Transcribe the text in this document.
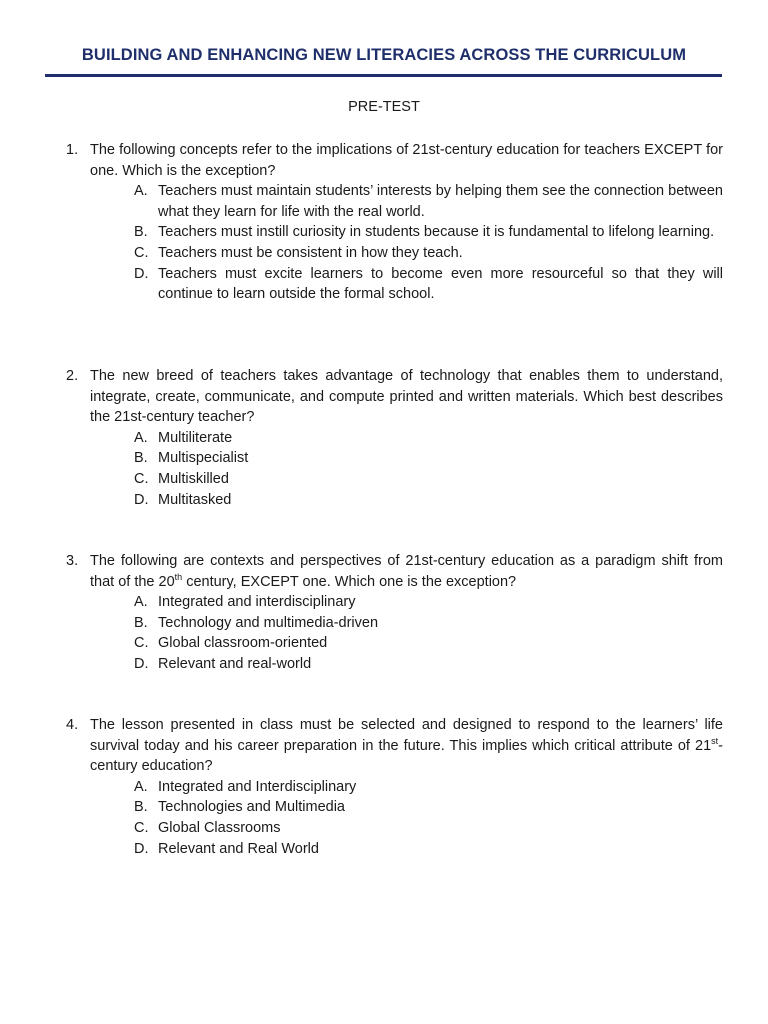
BUILDING AND ENHANCING NEW LITERACIES ACROSS THE CURRICULUM
PRE-TEST
1. The following concepts refer to the implications of 21st-century education for teachers EXCEPT for one. Which is the exception?
A. Teachers must maintain students’ interests by helping them see the connection between what they learn for life with the real world.
B. Teachers must instill curiosity in students because it is fundamental to lifelong learning.
C. Teachers must be consistent in how they teach.
D. Teachers must excite learners to become even more resourceful so that they will continue to learn outside the formal school.
2. The new breed of teachers takes advantage of technology that enables them to understand, integrate, create, communicate, and compute printed and written materials. Which best describes the 21st-century teacher?
A. Multiliterate
B. Multispecialist
C. Multiskilled
D. Multitasked
3. The following are contexts and perspectives of 21st-century education as a paradigm shift from that of the 20th century, EXCEPT one. Which one is the exception?
A. Integrated and interdisciplinary
B. Technology and multimedia-driven
C. Global classroom-oriented
D. Relevant and real-world
4. The lesson presented in class must be selected and designed to respond to the learners’ life survival today and his career preparation in the future. This implies which critical attribute of 21st-century education?
A. Integrated and Interdisciplinary
B. Technologies and Multimedia
C. Global Classrooms
D. Relevant and Real World
